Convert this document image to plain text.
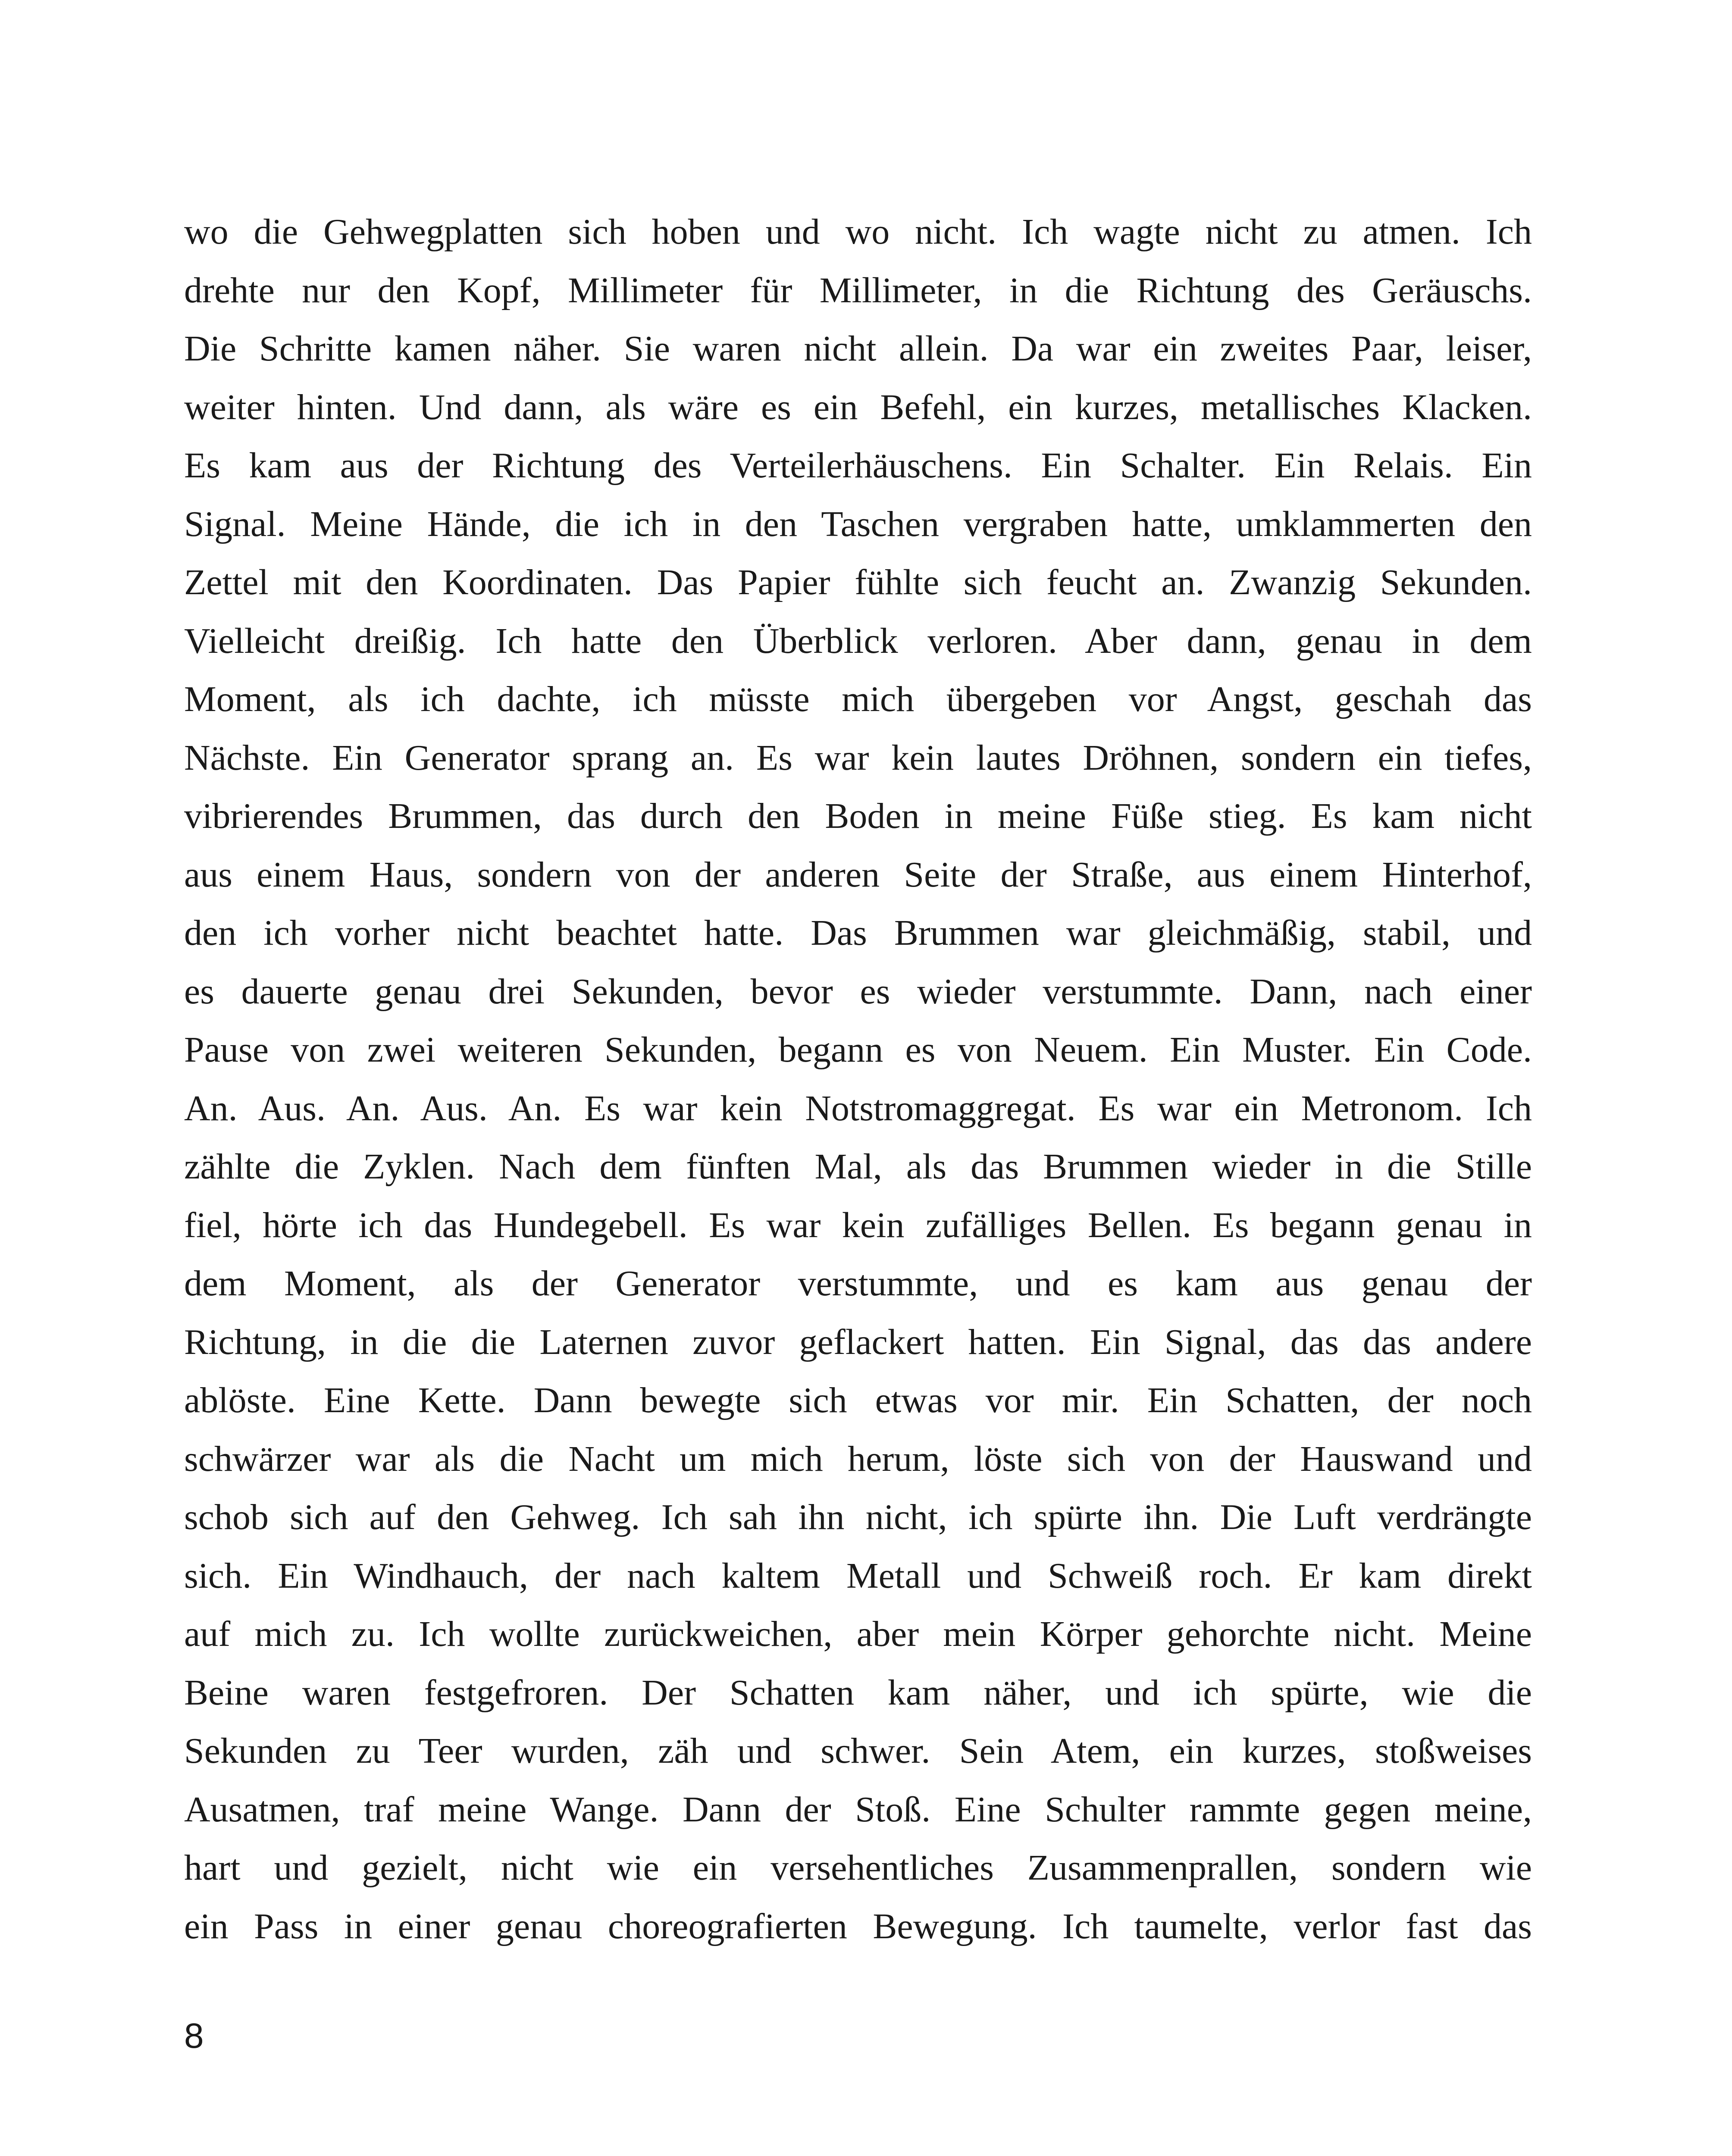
wo die Gehwegplatten sich hoben und wo nicht. Ich wagte nicht zu atmen. Ich
drehte nur den Kopf, Millimeter für Millimeter, in die Richtung des Geräuschs.
Die Schritte kamen näher. Sie waren nicht allein. Da war ein zweites Paar, leiser,
weiter hinten. Und dann, als wäre es ein Befehl, ein kurzes, metallisches Klacken.
Es kam aus der Richtung des Verteilerhäuschens. Ein Schalter. Ein Relais. Ein
Signal. Meine Hände, die ich in den Taschen vergraben hatte, umklammerten den
Zettel mit den Koordinaten. Das Papier fühlte sich feucht an. Zwanzig Sekunden.
Vielleicht dreißig. Ich hatte den Überblick verloren. Aber dann, genau in dem
Moment, als ich dachte, ich müsste mich übergeben vor Angst, geschah das
Nächste. Ein Generator sprang an. Es war kein lautes Dröhnen, sondern ein tiefes,
vibrierendes Brummen, das durch den Boden in meine Füße stieg. Es kam nicht
aus einem Haus, sondern von der anderen Seite der Straße, aus einem Hinterhof,
den ich vorher nicht beachtet hatte. Das Brummen war gleichmäßig, stabil, und
es dauerte genau drei Sekunden, bevor es wieder verstummte. Dann, nach einer
Pause von zwei weiteren Sekunden, begann es von Neuem. Ein Muster. Ein Code.
An. Aus. An. Aus. An. Es war kein Notstromaggregat. Es war ein Metronom. Ich
zählte die Zyklen. Nach dem fünften Mal, als das Brummen wieder in die Stille
fiel, hörte ich das Hundegebell. Es war kein zufälliges Bellen. Es begann genau in
dem Moment, als der Generator verstummte, und es kam aus genau der
Richtung, in die die Laternen zuvor geflackert hatten. Ein Signal, das das andere
ablöste. Eine Kette. Dann bewegte sich etwas vor mir. Ein Schatten, der noch
schwärzer war als die Nacht um mich herum, löste sich von der Hauswand und
schob sich auf den Gehweg. Ich sah ihn nicht, ich spürte ihn. Die Luft verdrängte
sich. Ein Windhauch, der nach kaltem Metall und Schweiß roch. Er kam direkt
auf mich zu. Ich wollte zurückweichen, aber mein Körper gehorchte nicht. Meine
Beine waren festgefroren. Der Schatten kam näher, und ich spürte, wie die
Sekunden zu Teer wurden, zäh und schwer. Sein Atem, ein kurzes, stoßweises
Ausatmen, traf meine Wange. Dann der Stoß. Eine Schulter rammte gegen meine,
hart und gezielt, nicht wie ein versehentliches Zusammenprallen, sondern wie
ein Pass in einer genau choreografierten Bewegung. Ich taumelte, verlor fast das
8
